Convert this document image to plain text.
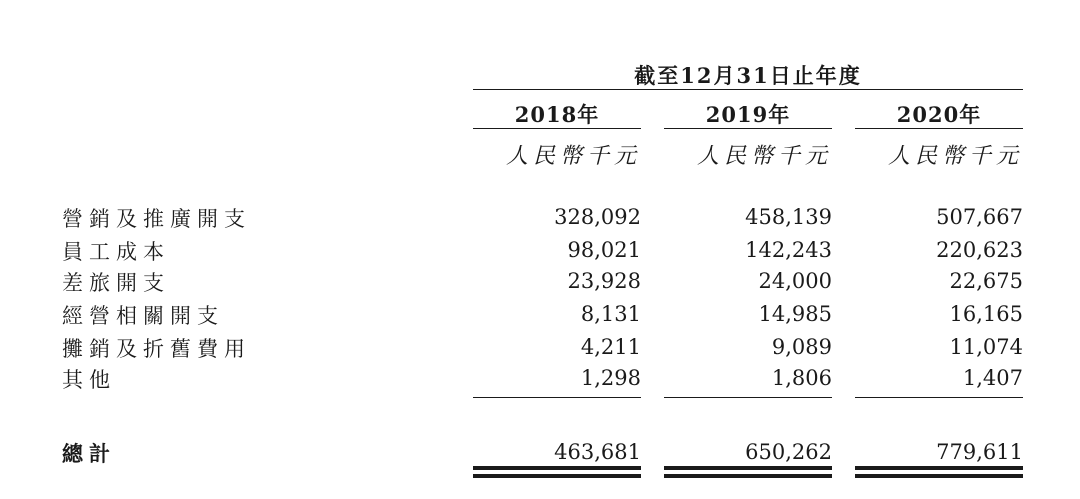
截至12月31日止年度
2018年	2019年	2020年
人民幣千元	人民幣千元	人民幣千元
營銷及推廣開支	328,092	458,139	507,667
員工成本	98,021	142,243	220,623
差旅開支	23,928	24,000	22,675
經營相關開支	8,131	14,985	16,165
攤銷及折舊費用	4,211	9,089	11,074
其他	1,298	1,806	1,407
總計	463,681	650,262	779,611
